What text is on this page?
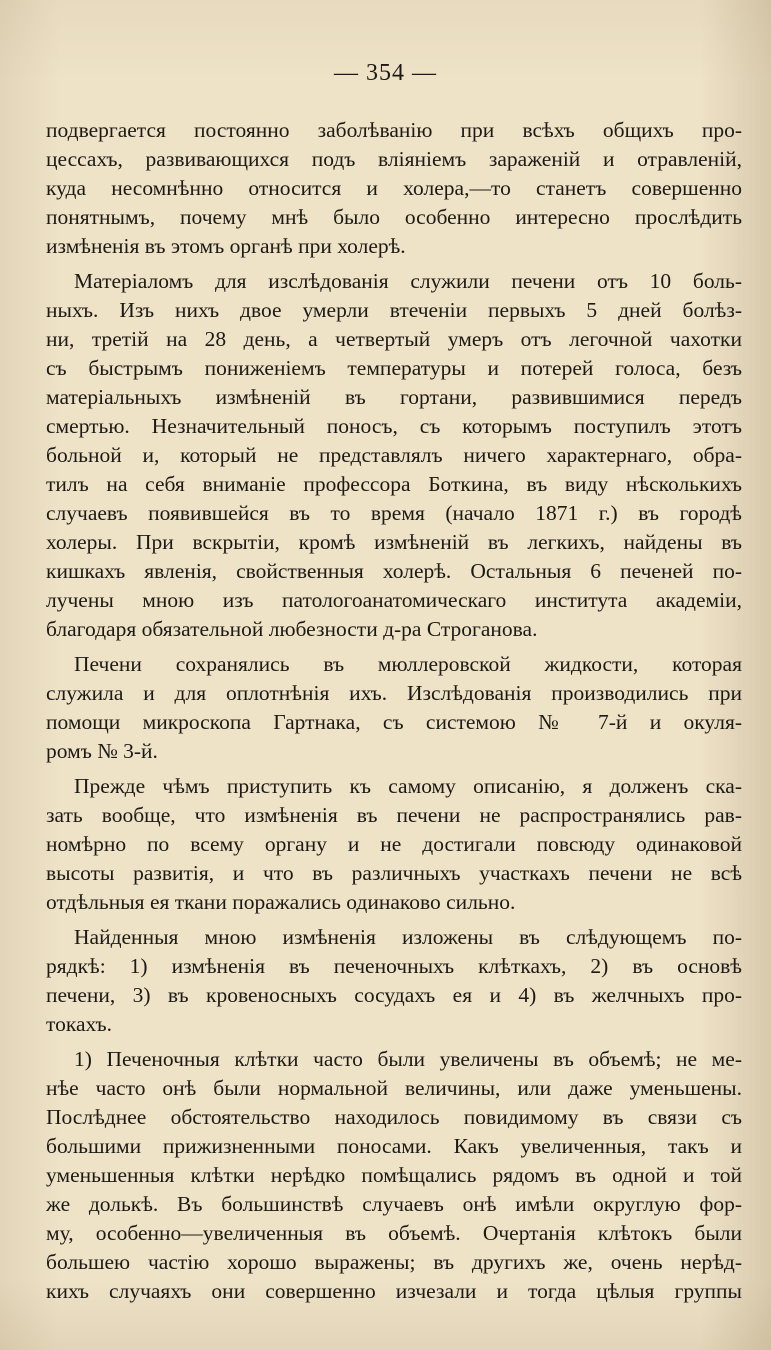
— 354 —
подвергается постоянно заболѣванію при всѣхъ общихъ про-
цессахъ, развивающихся подъ вліяніемъ зараженій и отравленій,
куда несомнѣнно относится и холера,—то станетъ совершенно
понятнымъ, почему мнѣ было особенно интересно прослѣдить
измѣненія въ этомъ органѣ при холерѣ.
Матеріаломъ для изслѣдованія служили печени отъ 10 боль-
ныхъ. Изъ нихъ двое умерли втеченіи первыхъ 5 дней болѣз-
ни, третій на 28 день, а четвертый умеръ отъ легочной чахотки
съ быстрымъ пониженіемъ температуры и потерей голоса, безъ
матеріальныхъ измѣненій въ гортани, развившимися передъ
смертью. Незначительный поносъ, съ которымъ поступилъ этотъ
больной и, который не представлялъ ничего характернаго, обра-
тилъ на себя вниманіе профессора Боткина, въ виду нѣсколькихъ
случаевъ появившейся въ то время (начало 1871 г.) въ городѣ
холеры. При вскрытіи, кромѣ измѣненій въ легкихъ, найдены въ
кишкахъ явленія, свойственныя холерѣ. Остальныя 6 печеней по-
лучены мною изъ патологоанатомическаго института академіи,
благодаря обязательной любезности д-ра Строганова.
Печени сохранялись въ мюллеровской жидкости, которая
служила и для оплотнѣнія ихъ. Изслѣдованія производились при
помощи микроскопа Гартнака, съ системою № 7-й и окуля-
ромъ № 3-й.
Прежде чѣмъ приступить къ самому описанію, я долженъ ска-
зать вообще, что измѣненія въ печени не распространялись рав-
номѣрно по всему органу и не достигали повсюду одинаковой
высоты развитія, и что въ различныхъ участкахъ печени не всѣ
отдѣльныя ея ткани поражались одинаково сильно.
Найденныя мною измѣненія изложены въ слѣдующемъ по-
рядкѣ: 1) измѣненія въ печеночныхъ клѣткахъ, 2) въ основѣ
печени, 3) въ кровеносныхъ сосудахъ ея и 4) въ желчныхъ про-
токахъ.
1) Печеночныя клѣтки часто были увеличены въ объемѣ; не ме-
нѣе часто онѣ были нормальной величины, или даже уменьшены.
Послѣднее обстоятельство находилось повидимому въ связи съ
большими прижизненными поносами. Какъ увеличенныя, такъ и
уменьшенныя клѣтки нерѣдко помѣщались рядомъ въ одной и той
же долькѣ. Въ большинствѣ случаевъ онѣ имѣли округлую фор-
му, особенно—увеличенныя въ объемѣ. Очертанія клѣтокъ были
большею частію хорошо выражены; въ другихъ же, очень нерѣд-
кихъ случаяхъ они совершенно изчезали и тогда цѣлыя группы
